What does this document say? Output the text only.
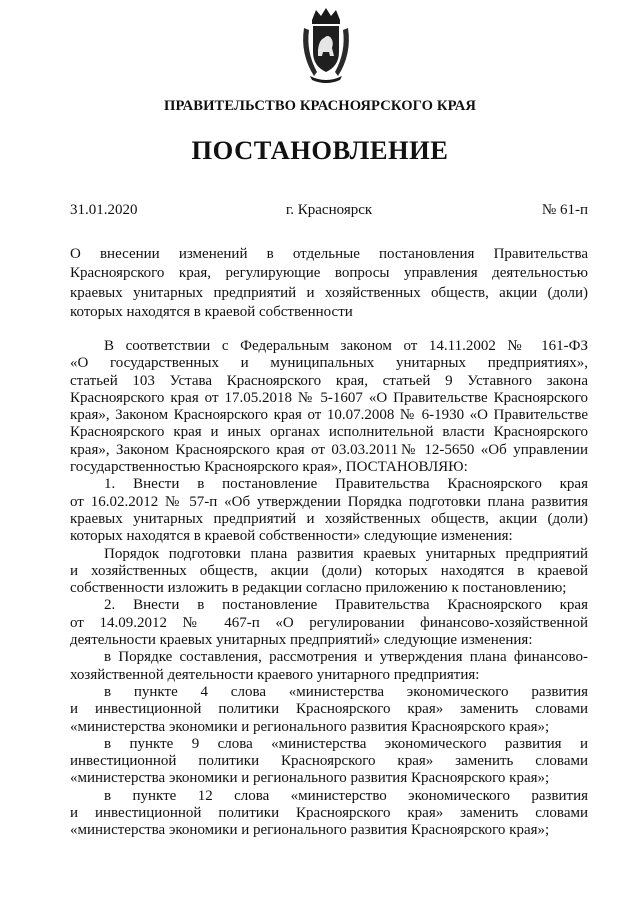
ПРАВИТЕЛЬСТВО КРАСНОЯРСКОГО КРАЯ
ПОСТАНОВЛЕНИЕ
31.01.2020	г. Красноярск	№ 61-п
О внесении изменений в отдельные постановления Правительства
Красноярского края, регулирующие вопросы управления деятельностью
краевых унитарных предприятий и хозяйственных обществ, акции (доли)
которых находятся в краевой собственности
В соответствии с Федеральным законом от 14.11.2002 № 161-ФЗ
«О государственных и муниципальных унитарных предприятиях»,
статьей 103 Устава Красноярского края, статьей 9 Уставного закона
Красноярского края от 17.05.2018 № 5-1607 «О Правительстве Красноярского
края», Законом Красноярского края от 10.07.2008 № 6-1930 «О Правительстве
Красноярского края и иных органах исполнительной власти Красноярского
края», Законом Красноярского края от 03.03.2011№ 12-5650 «Об управлении
государственностью Красноярского края», ПОСТАНОВЛЯЮ:
1. Внести в постановление Правительства Красноярского края
от 16.02.2012 № 57-п «Об утверждении Порядка подготовки плана развития
краевых унитарных предприятий и хозяйственных обществ, акции (доли)
которых находятся в краевой собственности» следующие изменения:
Порядок подготовки плана развития краевых унитарных предприятий
и хозяйственных обществ, акции (доли) которых находятся в краевой
собственности изложить в редакции согласно приложению к постановлению;
2. Внести в постановление Правительства Красноярского края
от 14.09.2012 № 467-п «О регулировании финансово-хозяйственной
деятельности краевых унитарных предприятий» следующие изменения:
в Порядке составления, рассмотрения и утверждения плана финансово-
хозяйственной деятельности краевого унитарного предприятия:
в пункте 4 слова «министерства экономического развития
и инвестиционной политики Красноярского края» заменить словами
«министерства экономики и регионального развития Красноярского края»;
в пункте 9 слова «министерства экономического развития и
инвестиционной политики Красноярского края» заменить словами
«министерства экономики и регионального развития Красноярского края»;
в пункте 12 слова «министерство экономического развития
и инвестиционной политики Красноярского края» заменить словами
«министерства экономики и регионального развития Красноярского края»;
